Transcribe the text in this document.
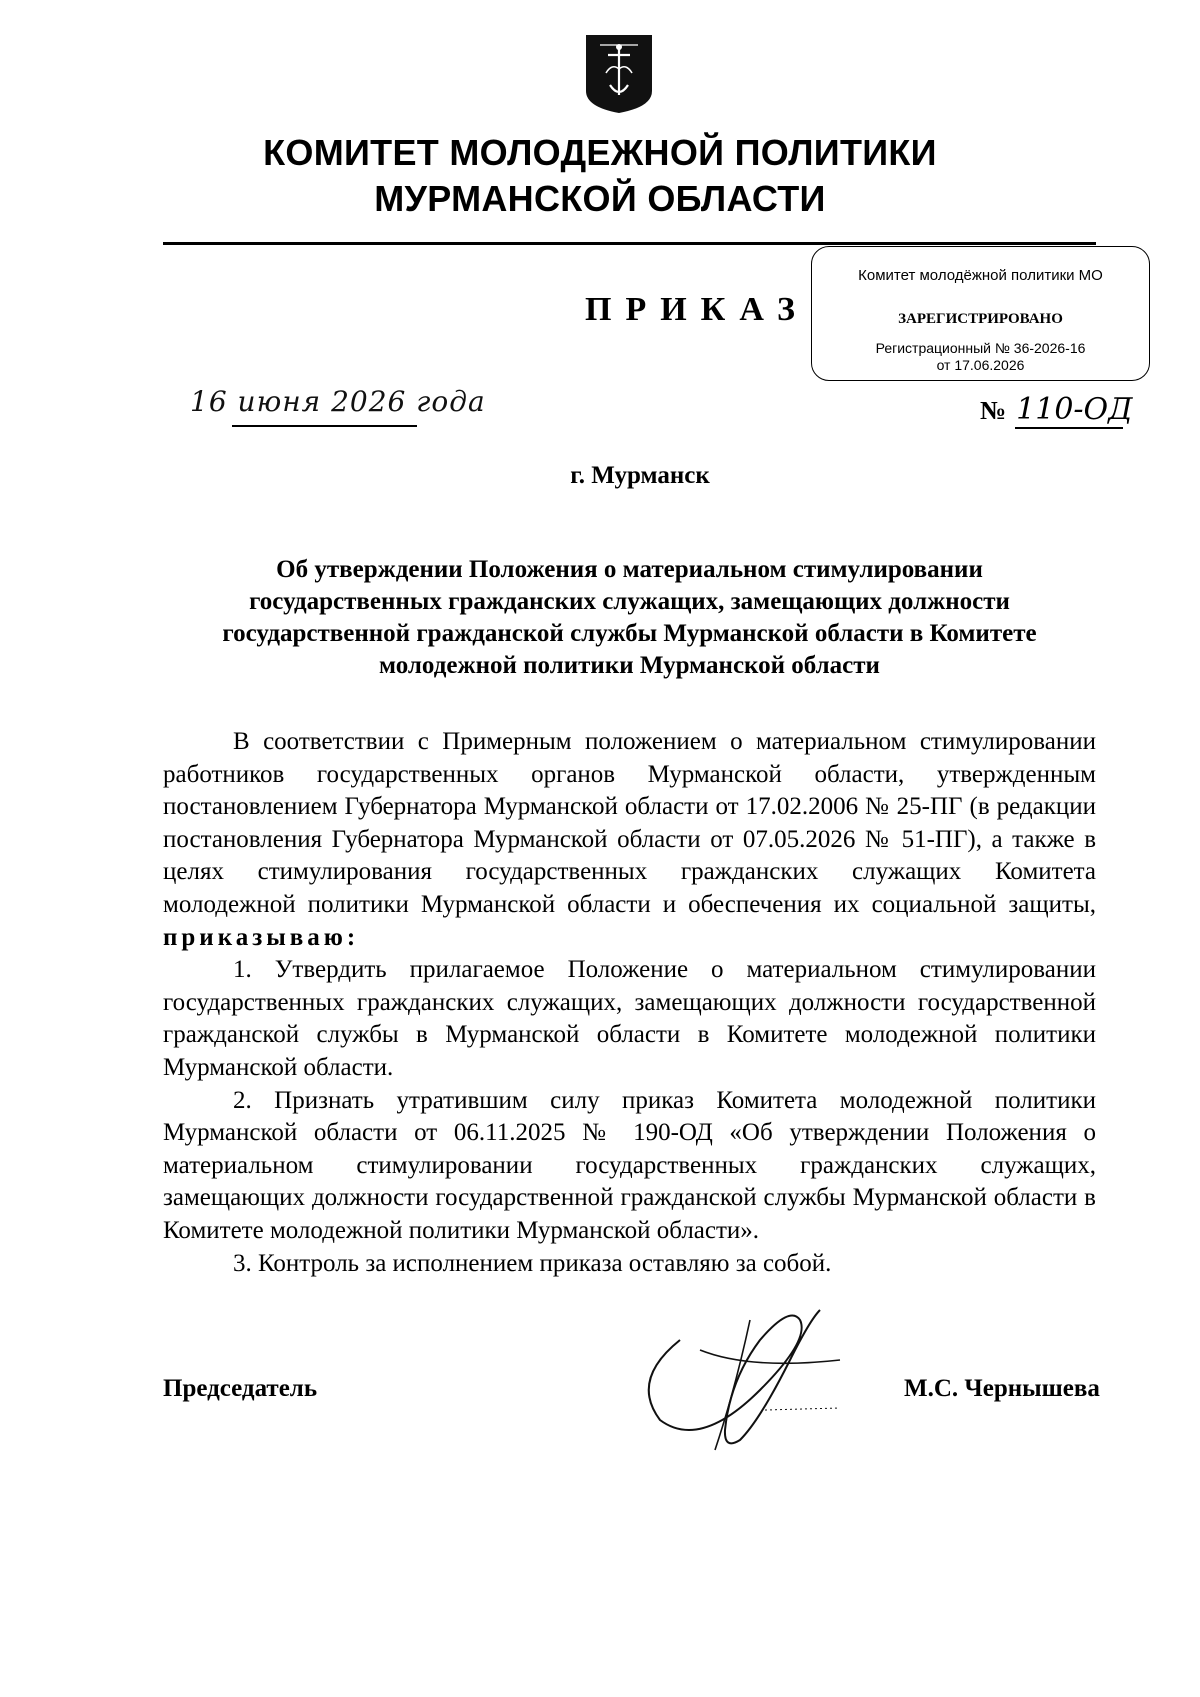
КОМИТЕТ МОЛОДЕЖНОЙ ПОЛИТИКИ
МУРМАНСКОЙ ОБЛАСТИ
ПРИКАЗ
Комитет молодёжной политики МО
ЗАРЕГИСТРИРОВАНО
Регистрационный № 36-2026-16
от 17.06.2026
16 июня 2026 года	№ 110-ОД
г. Мурманск
Об утверждении Положения о материальном стимулировании
государственных гражданских служащих, замещающих должности
государственной гражданской службы Мурманской области в Комитете
молодежной политики Мурманской области

В соответствии с Примерным положением о материальном стимулировании работников государственных органов Мурманской области, утвержденным постановлением Губернатора Мурманской области от 17.02.2006 № 25-ПГ (в редакции постановления Губернатора Мурманской области от 07.05.2026 № 51-ПГ), а также в целях стимулирования государственных гражданских служащих Комитета молодежной политики Мурманской области и обеспечения их социальной защиты, приказываю:

1. Утвердить прилагаемое Положение о материальном стимулировании государственных гражданских служащих, замещающих должности государственной гражданской службы в Мурманской области в Комитете молодежной политики Мурманской области.

2. Признать утратившим силу приказ Комитета молодежной политики Мурманской области от 06.11.2025 № 190-ОД «Об утверждении Положения о материальном стимулировании государственных гражданских служащих, замещающих должности государственной гражданской службы Мурманской области в Комитете молодежной политики Мурманской области».

3. Контроль за исполнением приказа оставляю за собой.

Председатель	М.С. Чернышева
